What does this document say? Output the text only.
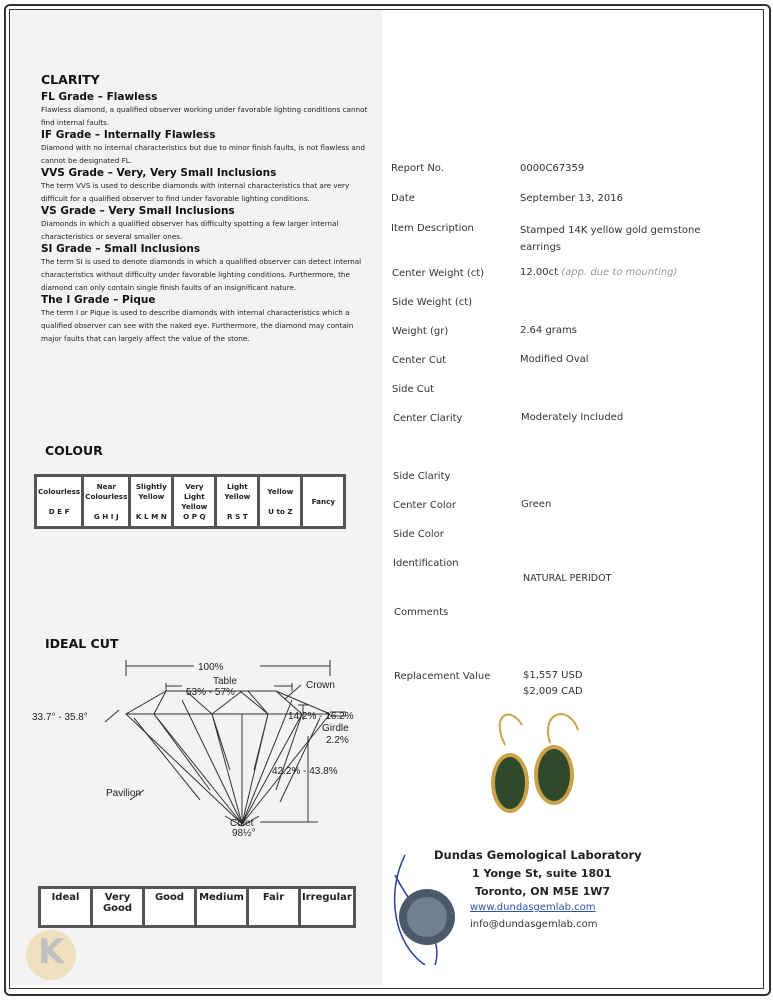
CLARITY
FL Grade – Flawless
Flawless diamond, a qualified observer working under favorable lighting conditions cannot find internal faults.
IF Grade – Internally Flawless
Diamond with no internal characteristics but due to minor finish faults, is not flawless and cannot be designated FL.
VVS Grade – Very, Very Small Inclusions
The term VVS is used to describe diamonds with internal characteristics that are very difficult for a qualified observer to find under favorable lighting conditions.
VS Grade – Very Small Inclusions
Diamonds in which a qualified observer has difficulty spotting a few larger internal characteristics or several smaller ones.
SI Grade – Small Inclusions
The term SI is used to denote diamonds in which a qualified observer can detect internal characteristics without difficulty under favorable lighting conditions. Furthermore, the diamond can only contain single finish faults of an insignificant nature.
The I Grade – Pique
The term I or Pique is used to describe diamonds with internal characteristics which a qualified observer can see with the naked eye. Furthermore, the diamond may contain major faults that can largely affect the value of the stone.
COLOUR
Colourless

D E F

Near Colourless

G H I J

Slightly Yellow

K L M N

Very Light Yellow
O P Q

Light Yellow

R S T

Yellow

U to Z

Fancy
IDEAL CUT
100%
Table
53% - 57%
Crown
33.7° - 35.8°	14.2% - 16.2%
Girdle
2.2%
42.2% - 43.8%
Pavilion
Culet
98½°
Ideal	Very Good	Good	Medium	Fair	Irregular
K
Report No.	0000C67359
Date	September 13, 2016
Item Description	Stamped 14K yellow gold gemstone earrings
Center Weight (ct)	12.00ct (app. due to mounting)
Side Weight (ct)
Weight (gr)	2.64 grams
Center Cut	Modified Oval
Side Cut
Center Clarity	Moderately Included
Side Clarity
Center Color	Green
Side Color
Identification
NATURAL PERIDOT
Comments
Replacement Value	$1,557 USD
$2,009 CAD
Dundas Gemological Laboratory
1 Yonge St, suite 1801
Toronto, ON M5E 1W7
www.dundasgemlab.com
info@dundasgemlab.com
